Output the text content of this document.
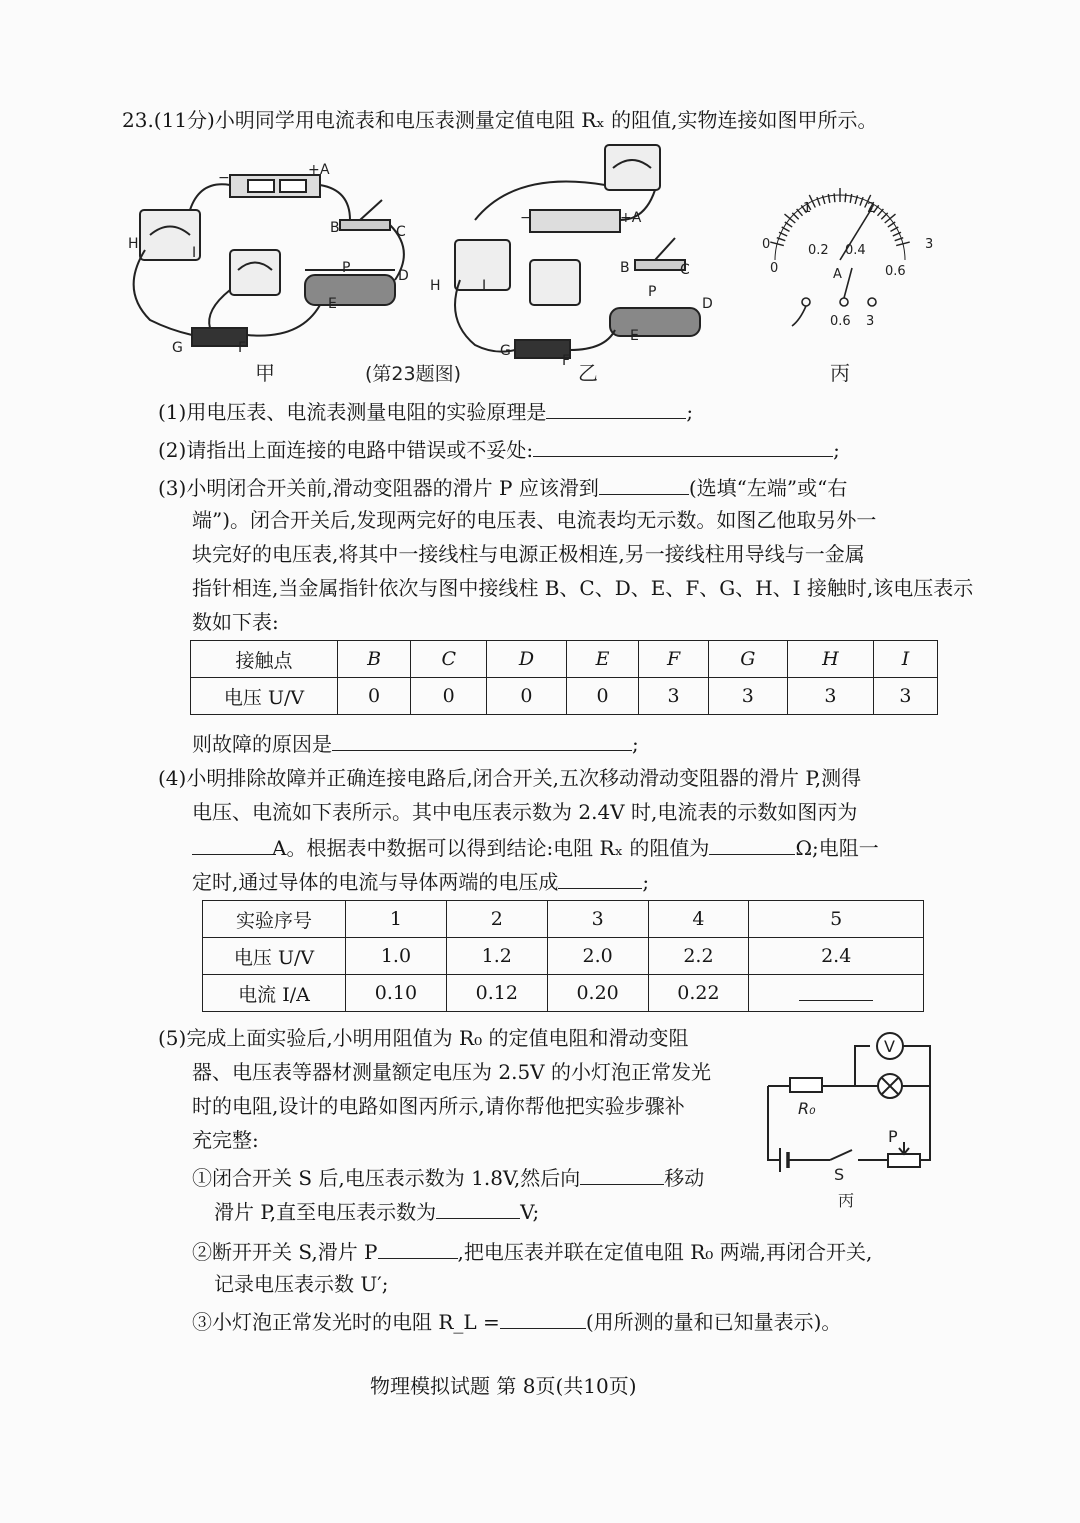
23.(11分)小明同学用电流表和电压表测量定值电阻 Rₓ 的阻值,实物连接如图甲所示。
−	+ A
H
I
B	C
P	D
E
G	F
甲	(第23题图)
−	+A
H	I
B	C
P
D
E
G
F 乙
0
1	2
3
0
0.2 0.4
0.6
A
0.6 3
丙
(1)用电压表、电流表测量电阻的实验原理是	;
(2)请指出上面连接的电路中错误或不妥处:	;
(3)小明闭合开关前,滑动变阻器的滑片 P 应该滑到	(选填“左端”或“右
端”)。闭合开关后,发现两完好的电压表、电流表均无示数。如图乙他取另外一
块完好的电压表,将其中一接线柱与电源正极相连,另一接线柱用导线与一金属
指针相连,当金属指针依次与图中接线柱 B、C、D、E、F、G、H、I 接触时,该电压表示
数如下表:
接触点	B	C	D	E	F	G	H	I
电压 U/V	0	0	0	0	3	3	3	3
则故障的原因是	;
(4)小明排除故障并正确连接电路后,闭合开关,五次移动滑动变阻器的滑片 P,测得
电压、电流如下表所示。其中电压表示数为 2.4V 时,电流表的示数如图丙为
A。根据表中数据可以得到结论:电阻 Rₓ 的阻值为	Ω;电阻一
定时,通过导体的电流与导体两端的电压成	;
实验序号	1	2	3	4	5
电压 U/V	1.0	1.2	2.0	2.2	2.4
电流 I/A	0.10	0.12	0.20	0.22	
(5)完成上面实验后,小明用阻值为 R₀ 的定值电阻和滑动变阻
器、电压表等器材测量额定电压为 2.5V 的小灯泡正常发光
时的电阻,设计的电路如图丙所示,请你帮他把实验步骤补
充完整:
①闭合开关 S 后,电压表示数为 1.8V,然后向	移动
滑片 P,直至电压表示数为	V;
②断开开关 S,滑片 P	,把电压表并联在定值电阻 R₀ 两端,再闭合开关,
记录电压表示数 U′;
③小灯泡正常发光时的电阻 R_L =	(用所测的量和已知量表示)。
V
R₀
P
S
丙
物理模拟试题 第 8页(共10页)
